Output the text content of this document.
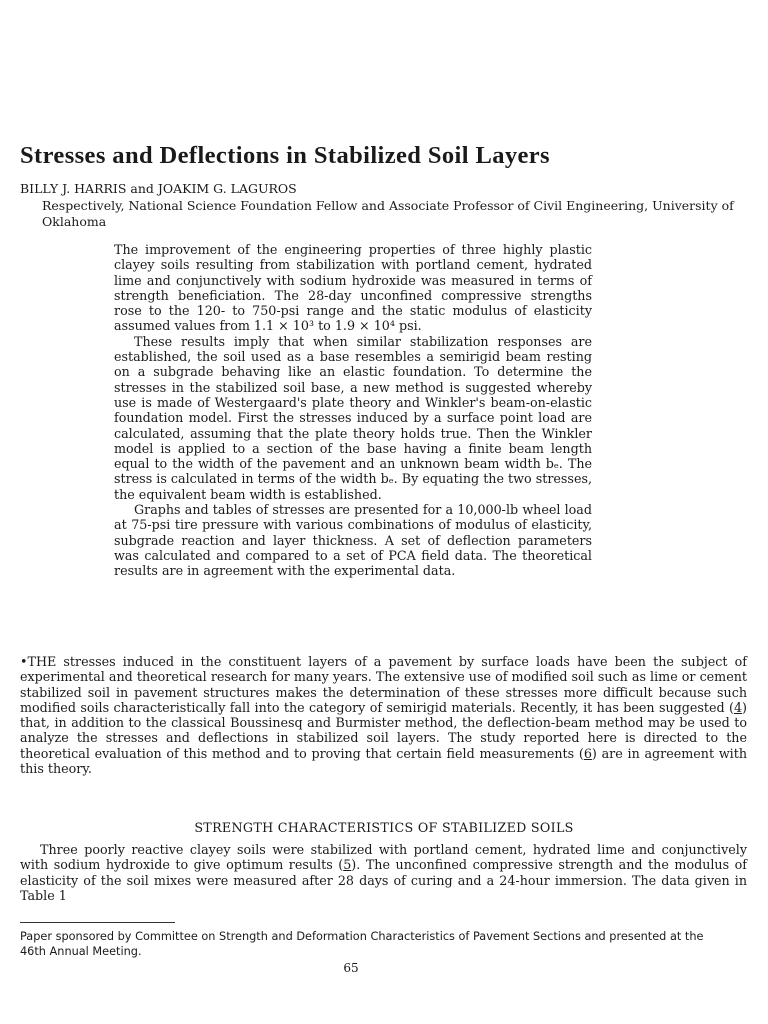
Stresses and Deflections in Stabilized Soil Layers
BILLY J. HARRIS and JOAKIM G. LAGUROS
Respectively, National Science Foundation Fellow and Associate Professor of Civil Engineering, University of Oklahoma

The improvement of the engineering properties of three highly plastic clayey soils resulting from stabilization with portland cement, hydrated lime and conjunctively with sodium hydroxide was measured in terms of strength beneficiation. The 28-day unconfined compressive strengths rose to the 120- to 750-psi range and the static modulus of elasticity assumed values from 1.1 × 10³ to 1.9 × 10⁴ psi.

These results imply that when similar stabilization responses are established, the soil used as a base resembles a semirigid beam resting on a subgrade behaving like an elastic foundation. To determine the stresses in the stabilized soil base, a new method is suggested whereby use is made of Westergaard's plate theory and Winkler's beam-on-elastic foundation model. First the stresses induced by a surface point load are calculated, assuming that the plate theory holds true. Then the Winkler model is applied to a section of the base having a finite beam length equal to the width of the pavement and an unknown beam width bₑ. The stress is calculated in terms of the width bₑ. By equating the two stresses, the equivalent beam width is established.

Graphs and tables of stresses are presented for a 10,000-lb wheel load at 75-psi tire pressure with various combinations of modulus of elasticity, subgrade reaction and layer thickness. A set of deflection parameters was calculated and compared to a set of PCA field data. The theoretical results are in agreement with the experimental data.

•THE stresses induced in the constituent layers of a pavement by surface loads have been the subject of experimental and theoretical research for many years. The extensive use of modified soil such as lime or cement stabilized soil in pavement structures makes the determination of these stresses more difficult because such modified soils characteristically fall into the category of semirigid materials. Recently, it has been suggested (4) that, in addition to the classical Boussinesq and Burmister method, the deflection-beam method may be used to analyze the stresses and deflections in stabilized soil layers. The study reported here is directed to the theoretical evaluation of this method and to proving that certain field measurements (6) are in agreement with this theory.

STRENGTH CHARACTERISTICS OF STABILIZED SOILS

Three poorly reactive clayey soils were stabilized with portland cement, hydrated lime and conjunctively with sodium hydroxide to give optimum results (5). The unconfined compressive strength and the modulus of elasticity of the soil mixes were measured after 28 days of curing and a 24-hour immersion. The data given in Table 1

Paper sponsored by Committee on Strength and Deformation Characteristics of Pavement Sections and presented at the 46th Annual Meeting.
65
